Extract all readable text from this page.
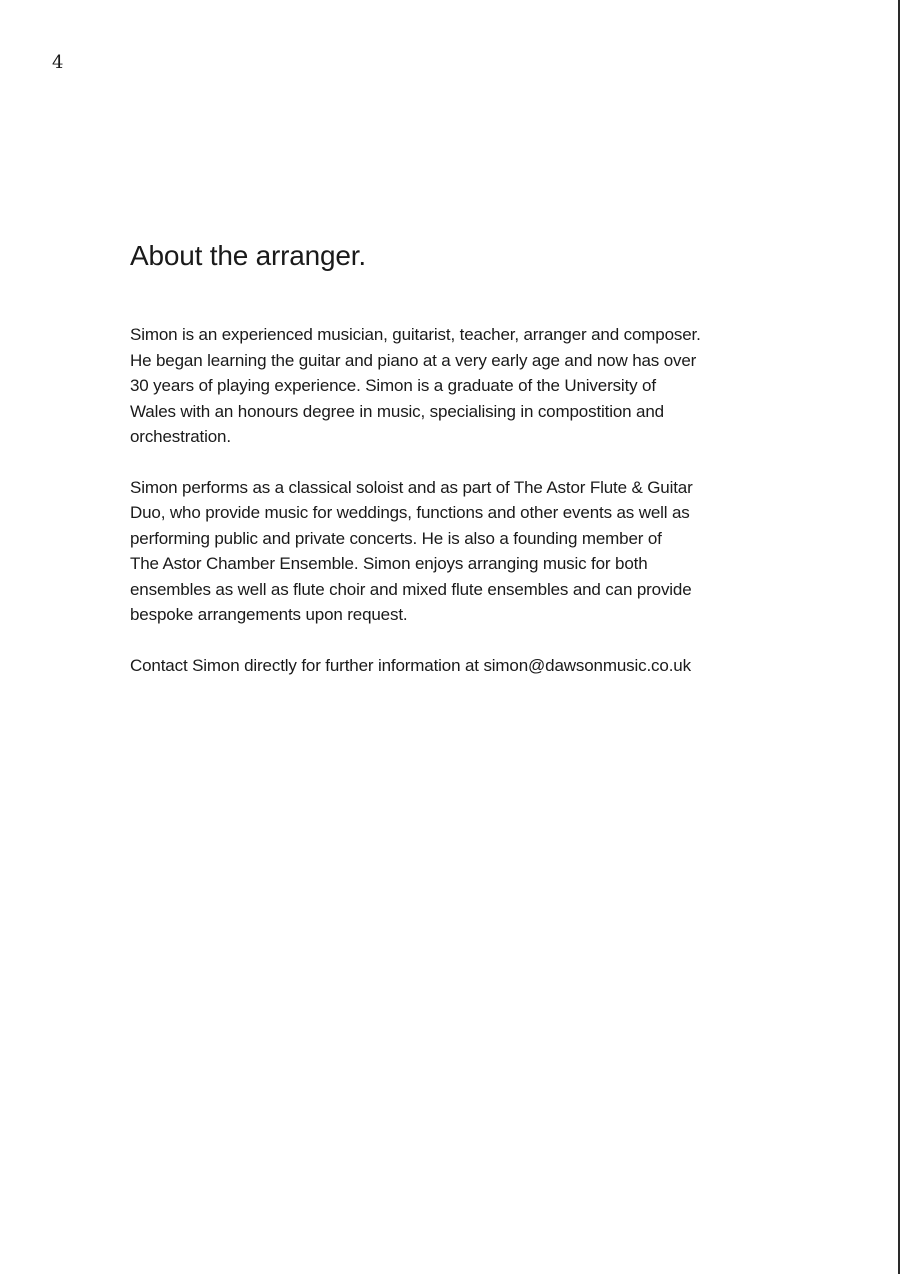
4
About the arranger.

Simon is an experienced musician, guitarist, teacher, arranger and composer.
He began learning the guitar and piano at a very early age and now has over
30 years of playing experience. Simon is a graduate of the University of
Wales with an honours degree in music, specialising in compostition and
orchestration.

Simon performs as a classical soloist and as part of The Astor Flute & Guitar
Duo, who provide music for weddings, functions and other events as well as
performing public and private concerts. He is also a founding member of
The Astor Chamber Ensemble. Simon enjoys arranging music for both
ensembles as well as flute choir and mixed flute ensembles and can provide
bespoke arrangements upon request.

Contact Simon directly for further information at simon@dawsonmusic.co.uk
